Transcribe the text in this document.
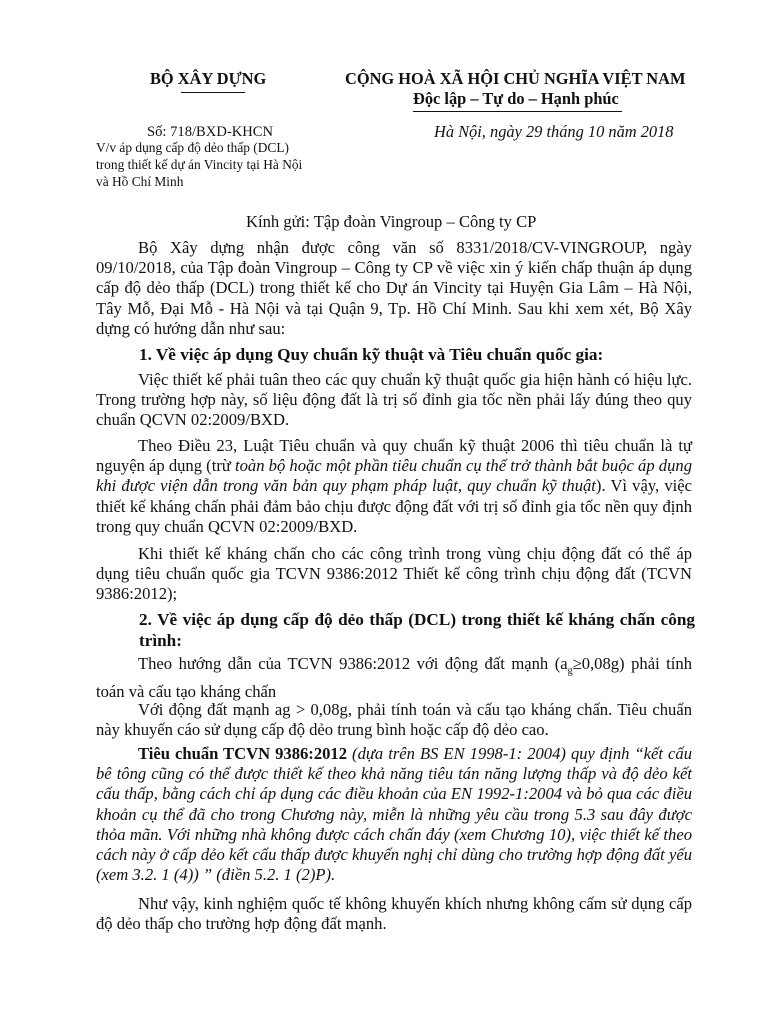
BỘ XÂY DỰNG	CỘNG HOÀ XÃ HỘI CHỦ NGHĨA VIỆT NAM
Độc lập – Tự do – Hạnh phúc
Số: 718/BXD-KHCN	Hà Nội, ngày 29 tháng 10 năm 2018
V/v áp dụng cấp độ dẻo thấp (DCL)
trong thiết kế dự án Vincity tại Hà Nội
và Hồ Chí Minh
Kính gửi: Tập đoàn Vingroup – Công ty CP

Bộ Xây dựng nhận được công văn số 8331/2018/CV-VINGROUP, ngày 09/10/2018, của Tập đoàn Vingroup – Công ty CP về việc xin ý kiến chấp thuận áp dụng cấp độ dẻo thấp (DCL) trong thiết kế cho Dự án Vincity tại Huyện Gia Lâm – Hà Nội, Tây Mỗ, Đại Mỗ - Hà Nội và tại Quận 9, Tp. Hồ Chí Minh. Sau khi xem xét, Bộ Xây dựng có hướng dẫn như sau:

1. Về việc áp dụng Quy chuẩn kỹ thuật và Tiêu chuẩn quốc gia:

Việc thiết kế phải tuân theo các quy chuẩn kỹ thuật quốc gia hiện hành có hiệu lực. Trong trường hợp này, số liệu động đất là trị số đỉnh gia tốc nền phải lấy đúng theo quy chuẩn QCVN 02:2009/BXD.

Theo Điều 23, Luật Tiêu chuẩn và quy chuẩn kỹ thuật 2006 thì tiêu chuẩn là tự nguyện áp dụng (trừ toàn bộ hoặc một phần tiêu chuẩn cụ thể trở thành bắt buộc áp dụng khi được viện dẫn trong văn bản quy phạm pháp luật, quy chuẩn kỹ thuật). Vì vậy, việc thiết kế kháng chấn phải đảm bảo chịu được động đất với trị số đỉnh gia tốc nền quy định trong quy chuẩn QCVN 02:2009/BXD.

Khi thiết kế kháng chấn cho các công trình trong vùng chịu động đất có thể áp dụng tiêu chuẩn quốc gia TCVN 9386:2012 Thiết kế công trình chịu động đất (TCVN 9386:2012);

2. Về việc áp dụng cấp độ dẻo thấp (DCL) trong thiết kế kháng chấn công trình:

Theo hướng dẫn của TCVN 9386:2012 với động đất mạnh $(a_g\ge 0,08g)$ phải tính toán và cấu tạo kháng chấn

Với động đất mạnh ag > 0,08g, phải tính toán và cấu tạo kháng chấn. Tiêu chuẩn này khuyến cáo sử dụng cấp độ dẻo trung bình hoặc cấp độ dẻo cao.

Tiêu chuẩn TCVN 9386:2012 (dựa trên BS EN 1998-1: 2004) quy định “kết cấu bê tông cũng có thể được thiết kế theo khả năng tiêu tán năng lượng thấp và độ dẻo kết cấu thấp, bằng cách chỉ áp dụng các điều khoản của EN 1992-1:2004 và bỏ qua các điều khoản cụ thể đã cho trong Chương này, miễn là những yêu cầu trong 5.3 sau đây được thỏa mãn. Với những nhà không được cách chấn đáy (xem Chương 10), việc thiết kế theo cách này ở cấp dẻo kết cấu thấp được khuyến nghị chỉ dùng cho trường hợp động đất yếu (xem 3.2. 1 (4)) ” (điền 5.2. 1 (2)P).

Như vậy, kinh nghiệm quốc tế không khuyến khích nhưng không cấm sử dụng cấp độ dẻo thấp cho trường hợp động đất mạnh.
